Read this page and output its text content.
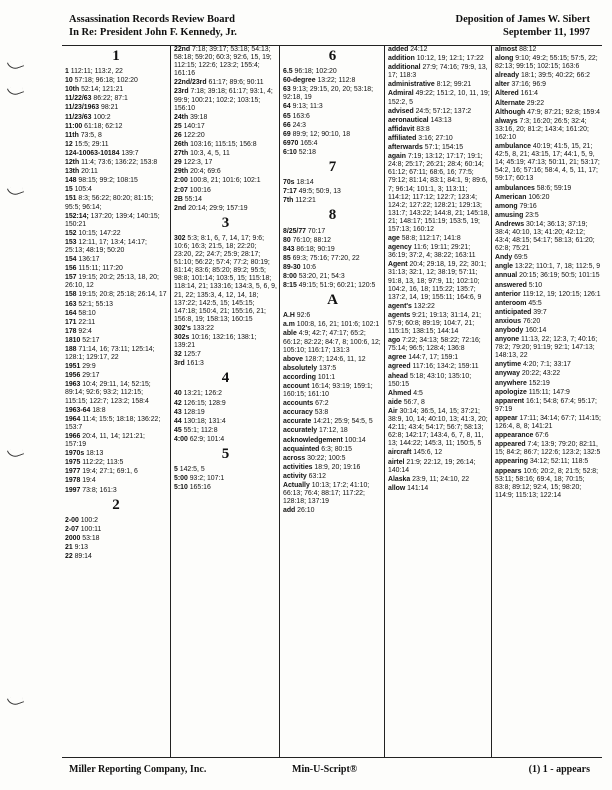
Assassination Records Review Board
In Re: President John F. Kennedy, Jr.
Deposition of James W. Sibert
September 11, 1997
1
1 112:11; 113:2, 22
10 57:18; 96:18; 102:20
10th 52:14; 121:21
11/22/63 86:22; 87:1
11/23/1963 98:21
11/23/63 100:2
11:00 61:18; 62:12
11th 73:5, 8
12 15:5; 29:11
124-10063-10184 139:7
12th 11:4; 73:6; 136:22; 153:8
13th 20:11
148 98:15; 99:2; 108:15
15 105:4
151 8:3; 56:22; 80:20; 81:15; 95:5; 96:14;
152:14; 137:20; 139:4; 140:15; 150:21
152 10:15; 147:22
153 12:11, 17; 13:4; 14:17; 25:13; 48:19; 50:20
154 136:17
156 115:11; 117:20
157 19:15; 20:2; 25:13, 18, 20; 26:10, 12
158 19:15; 20:8; 25:18; 26:14, 17
163 52:1; 55:13
164 58:10
171 22:11
178 92:4
1810 52:17
188 71:14, 16; 73:11; 125:14; 128:1; 129:17, 22
1951 29:9
1956 29:17
1963 10:4; 29:11, 14; 52:15; 89:14; 92:6; 93:2; 112:15; 115:15; 122:7; 123:2; 158:4
1963-64 18:8
1964 11:4; 15:5; 18:18; 136:22; 153:7
1966 20:4, 11, 14; 121:21; 157:19
1970s 18:13
1975 112:22; 113:5
1977 19:4; 27:1; 69:1, 6
1978 19:4
1997 73:8; 161:3
2
2-00 100:2
2-07 100:11
2000 53:18
21 9:13
22 89:14
22nd 7:18; 39:17; 53:18; 54:13; 58:18; 59:20; 60:3; 92:6, 15, 19; 112:15; 122:6; 123:2; 155:4; 161:16
22nd/23rd 61:17; 89:6; 90:11
23rd 7:18; 39:18; 61:17; 93:1, 4; 99:9; 100:21; 102:2; 103:15; 156:10
24th 39:18
25 140:17
26 122:20
26th 103:16; 115:15; 156:8
27th 10:3, 4, 5, 11
29 122:3, 17
29th 20:4; 69:6
2:00 100:8, 21; 101:6; 102:1
2:07 100:16
2B 55:14
2nd 20:14; 29:9; 157:19
3
302 5:3; 8:1, 6, 7, 14, 17; 9:6; 10:6; 16:3; 21:5, 18; 22:20; 23:20, 22; 24:7; 25:9; 28:17; 51:10; 56:22; 57:4; 77:2; 80:19; 81:14; 83:6; 85:20; 89:2; 95:5; 98:8; 101:14; 103:5, 15; 115:18; 118:14, 21; 133:16; 134:3, 5, 6, 9, 21, 22; 135:3, 4, 12, 14, 18; 137:22; 142:5, 15; 145:15; 147:18; 150:4, 21; 155:16, 21; 156:8, 19; 158:13; 160:15
302's 133:22
302s 10:16; 132:16; 138:1; 139:21
32 125:7
3rd 161:3
4
40 13:21; 126:2
42 126:15; 128:9
43 128:19
44 130:18; 131:4
45 55:1; 112:8
4:00 62:9; 101:4
5
5 142:5, 5
5:00 93:2; 107:1
5:10 165:16
6
6.5 96:18; 102:20
60-degree 13:22; 112:8
63 9:13; 29:15, 20, 20; 53:18; 92:18, 19
64 9:13; 11:3
65 163:6
66 24:3
69 89:9; 12; 90:10, 18
6970 165:4
6:10 52:18
7
70s 18:14
7:17 49:5; 50:9, 13
7th 112:21
8
8/25/77 70:17
80 76:10; 88:12
843 86:18; 90:19
85 69:3; 75:16; 77:20, 22
89-30 10:6
8:00 53:20, 21; 54:3
8:15 49:15; 51:9; 60:21; 120:5
A
A.H 92:6
a.m 100:8, 16, 21; 101:6; 102:1
able 4:9; 42:7; 47:17; 65:2; 66:12; 82:22; 84:7, 8; 100:6, 12; 105:10; 116:17; 131:3
above 128:7; 124:6, 11, 12
absolutely 137:5
according 101:1
account 16:14; 93:19; 159:1; 160:15; 161:10
accounts 67:2
accuracy 53:8
accurate 14:21; 25:9; 54:5, 5
accurately 17:12, 18
acknowledgement 100:14
acquainted 6:3; 80:15
across 30:22; 100:5
activities 18:9, 20; 19:16
activity 63:12
Actually 10:13; 17:2; 41:10; 66:13; 76:4; 88:17; 117:22; 128:18; 137:19
add 26:10
added 24:12
addition 10:12, 19; 12:1; 17:22
additional 27:9; 74:16; 79:9, 13, 17; 118:3
administrative 8:12; 99:21
Admiral 49:22; 151:2, 10, 11, 19; 152:2, 5
advised 24:5; 57:12; 137:2
aeronautical 143:13
affidavit 83:8
affiliated 3:16; 27:10
afterwards 57:1; 154:15
again 7:19; 13:12; 17:17; 19:1; 24:8; 25:17; 26:21; 28:4; 60:14; 61:12; 67:11; 68:6, 16; 77:5; 79:12; 81:14; 83:1; 84:1, 9; 89:6, 7; 96:14; 101:1, 3; 113:11; 114:12; 117:12; 122:7; 123:4; 124:2; 127:22; 128:21; 129:13; 131:7; 143:22; 144:8, 21; 145:18, 21; 148:17; 151:19; 153:5, 19; 157:13; 160:12
age 58:8; 112:17; 141:8
agency 11:6; 19:11; 29:21; 36:19; 37:2, 4; 38:22; 163:11
Agent 20:4; 29:18, 19, 22; 30:1; 31:13; 32:1, 12; 38:19; 57:11; 91:8, 13, 18; 97:9, 11; 102:10; 104:2, 16, 18; 115:22; 135:7; 137:2, 14, 19; 155:11; 164:6, 9
agent's 132:22
agents 9:21; 19:13; 31:14, 21; 57:9; 60:8; 89:19; 104:7, 21; 115:15; 138:15; 144:14
ago 7:22; 34:13; 58:22; 72:16; 75:14; 96:5; 128:4; 136:8
agree 144:7, 17; 159:1
agreed 117:16; 134:2; 159:11
ahead 5:18; 43:10; 135:10; 150:15
Ahmed 4:5
aide 56:7, 8
Air 30:14; 36:5, 14, 15; 37:21; 38:9, 10, 14; 40:10, 13; 41:3, 20; 42:11; 43:4; 54:17; 56:7; 58:13; 62:8; 142:17; 143:4, 6, 7, 8, 11, 13; 144:22; 145:3, 11; 150:5, 5
aircraft 145:6, 12
airtel 21:9; 22:12, 19; 26:14; 140:14
Alaska 23:9, 11; 24:10, 22
allow 141:14
almost 88:12
along 9:10; 49:2; 55:15; 57:5, 22; 82:13; 99:15; 102:15; 163:6
already 18:1; 39:5; 40:22; 66:2
alter 37:16; 96:9
Altered 161:4
Alternate 29:22
Although 47:9; 87:21; 92:8; 159:4
always 7:3; 16:20; 26:5; 32:4; 33:16, 20; 81:2; 143:4; 161:20; 162:10
ambulance 40:19; 41:5, 15, 21; 42:5, 8, 21; 43:15, 17; 44:1, 5, 9, 14; 45:19; 47:13; 50:11, 21; 53:17; 54:2, 16; 57:16; 58:4, 4, 5, 11, 17; 59:17; 60:13
ambulances 58:6; 59:19
American 106:20
among 79:16
amusing 23:5
Andrews 30:14; 36:13; 37:19; 38:4; 40:10, 13; 41:20; 42:12; 43:4; 48:15; 54:17; 58:13; 61:20; 62:8; 75:21
Andy 69:5
angle 13:22; 110:1, 7, 18; 112:5, 9
annual 20:15; 36:19; 50:5; 101:15
answered 5:10
anterior 119:12, 19; 120:15; 126:1
anteroom 45:5
anticipated 39:7
anxious 76:20
anybody 160:14
anyone 11:13, 22; 12:3, 7; 40:16; 78:2; 79:20; 91:19; 92:1; 147:13; 148:13, 22
anytime 4:20; 7:1; 33:17
anyway 20:22; 43:22
anywhere 152:19
apologize 115:11; 147:9
apparent 16:1; 54:8; 67:4; 95:17; 97:19
appear 17:11; 34:14; 67:7; 114:15; 126:4, 8, 8; 141:21
appearance 67:6
appeared 7:4; 13:9; 79:20; 82:11, 15; 84:2; 86:7; 122:6; 123:2; 132:5
appearing 34:12; 52:11; 118:5
appears 10:6; 20:2, 8; 21:5; 52:8; 53:11; 58:16; 69:4, 18; 70:15; 83:8; 89:12; 92:4, 15; 98:20; 114:9; 115:13; 122:14
Miller Reporting Company, Inc.	Min-U-Script®	(1) 1 - appears
